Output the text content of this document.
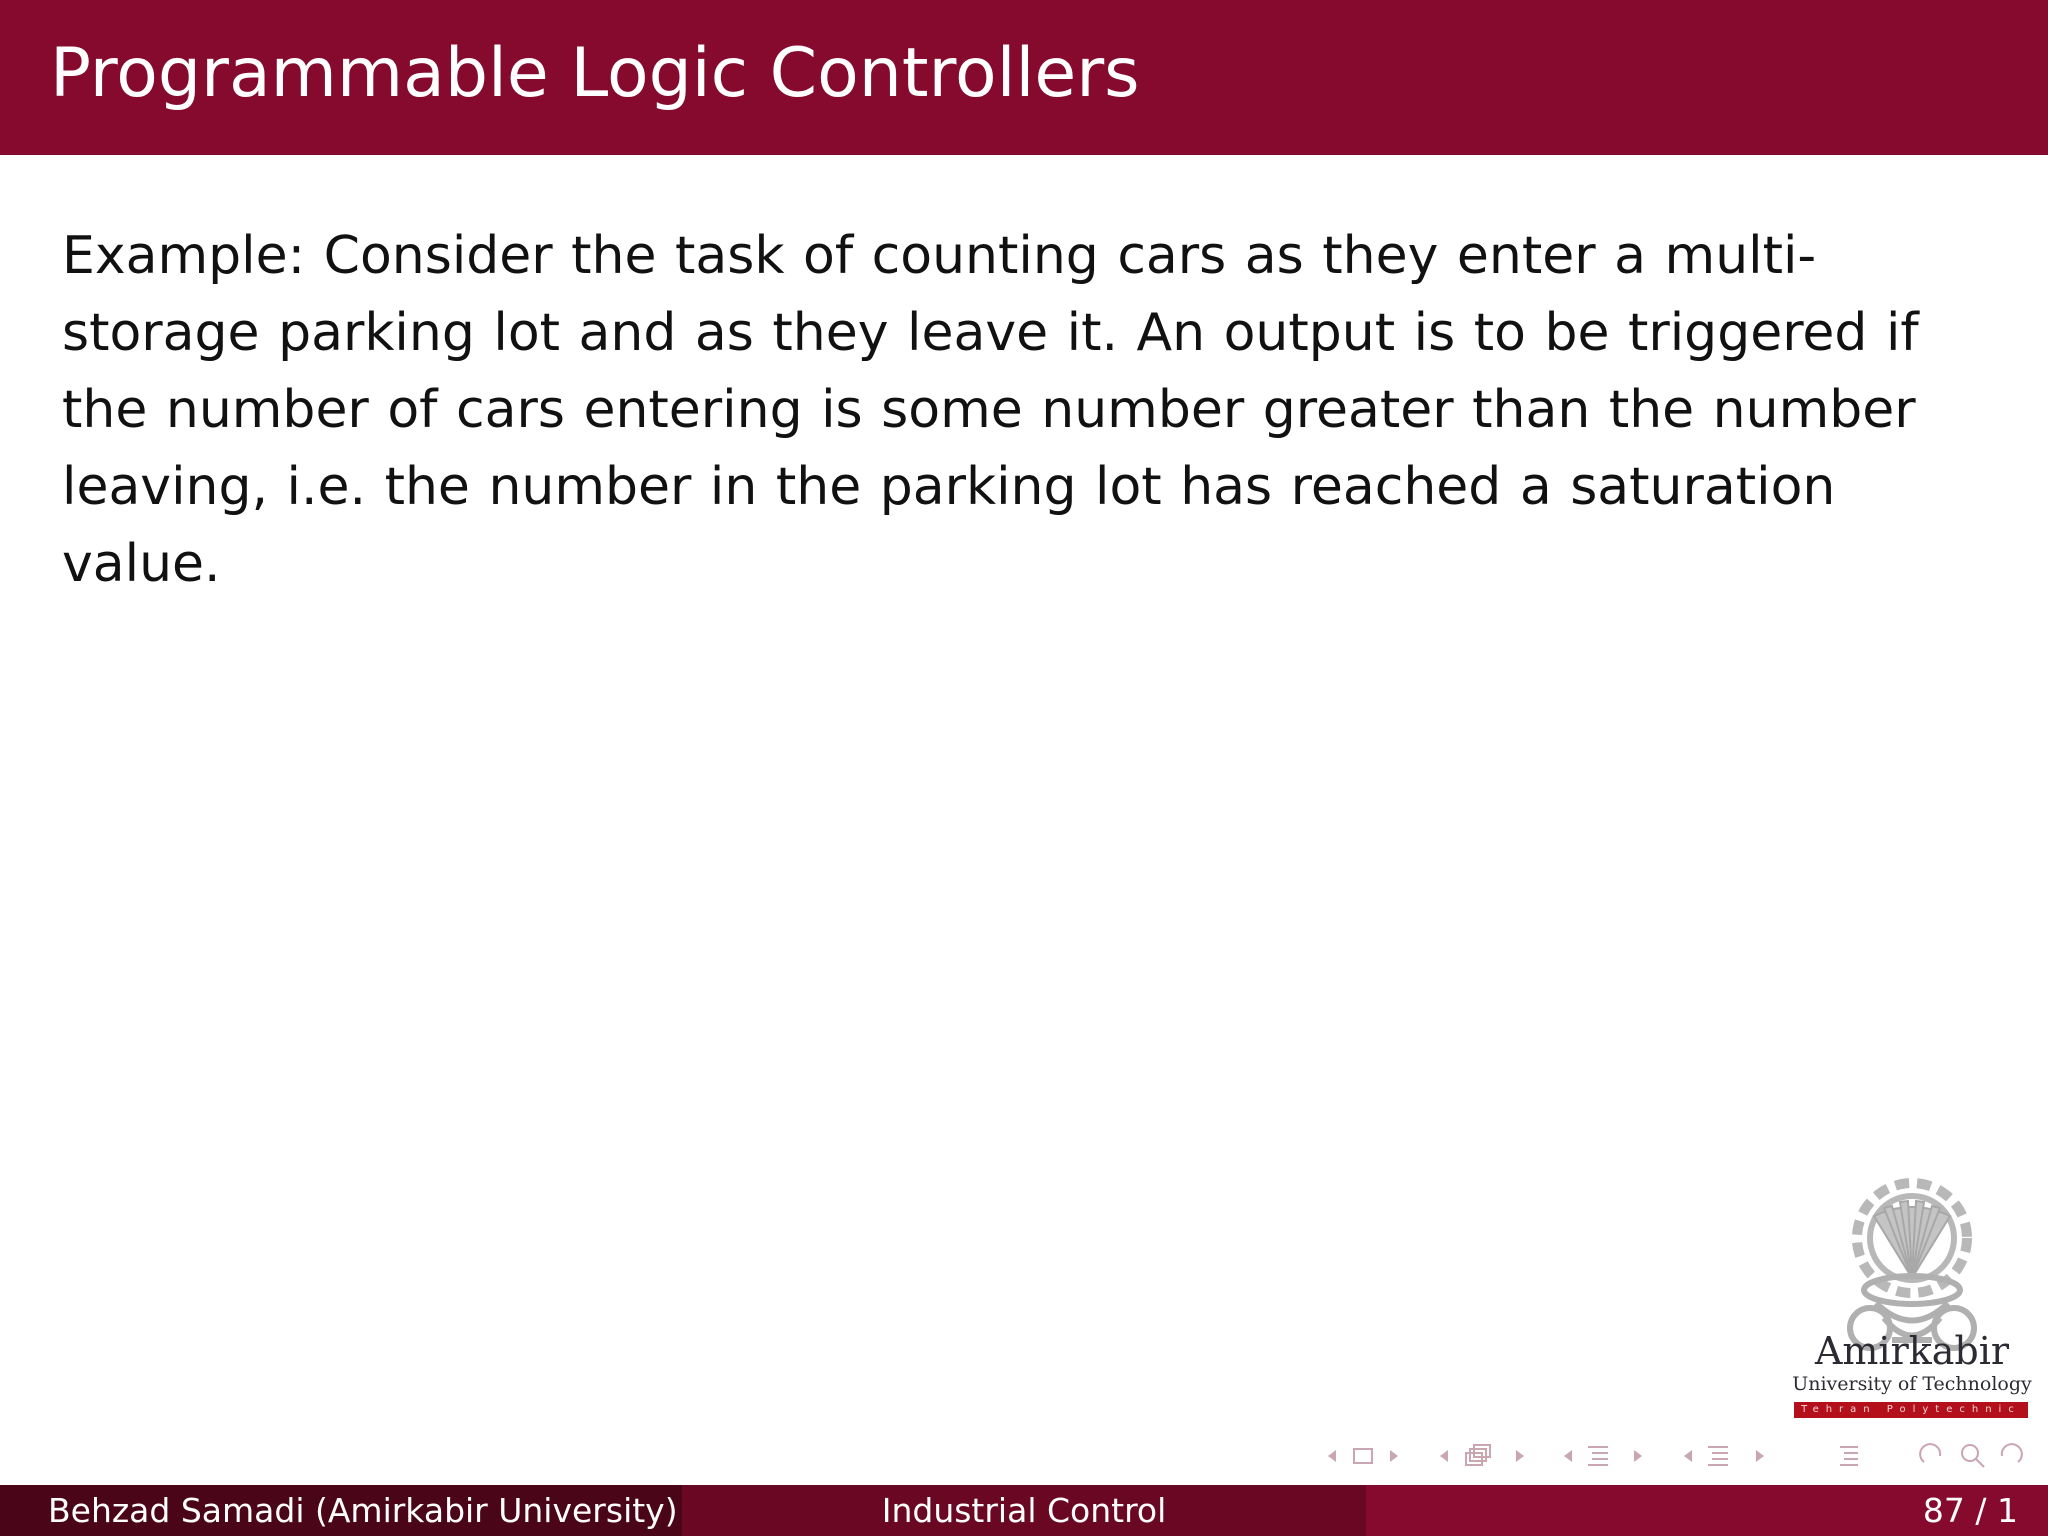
Programmable Logic Controllers

Example: Consider the task of counting cars as they enter a multi-storage parking lot and as they leave it. An output is to be triggered if the number of cars entering is some number greater than the number leaving, i.e. the number in the parking lot has reached a saturation value.

Amirkabir
University of Technology
Tehran Polytechnic
Behzad Samadi (Amirkabir University)	Industrial Control	87 / 1
